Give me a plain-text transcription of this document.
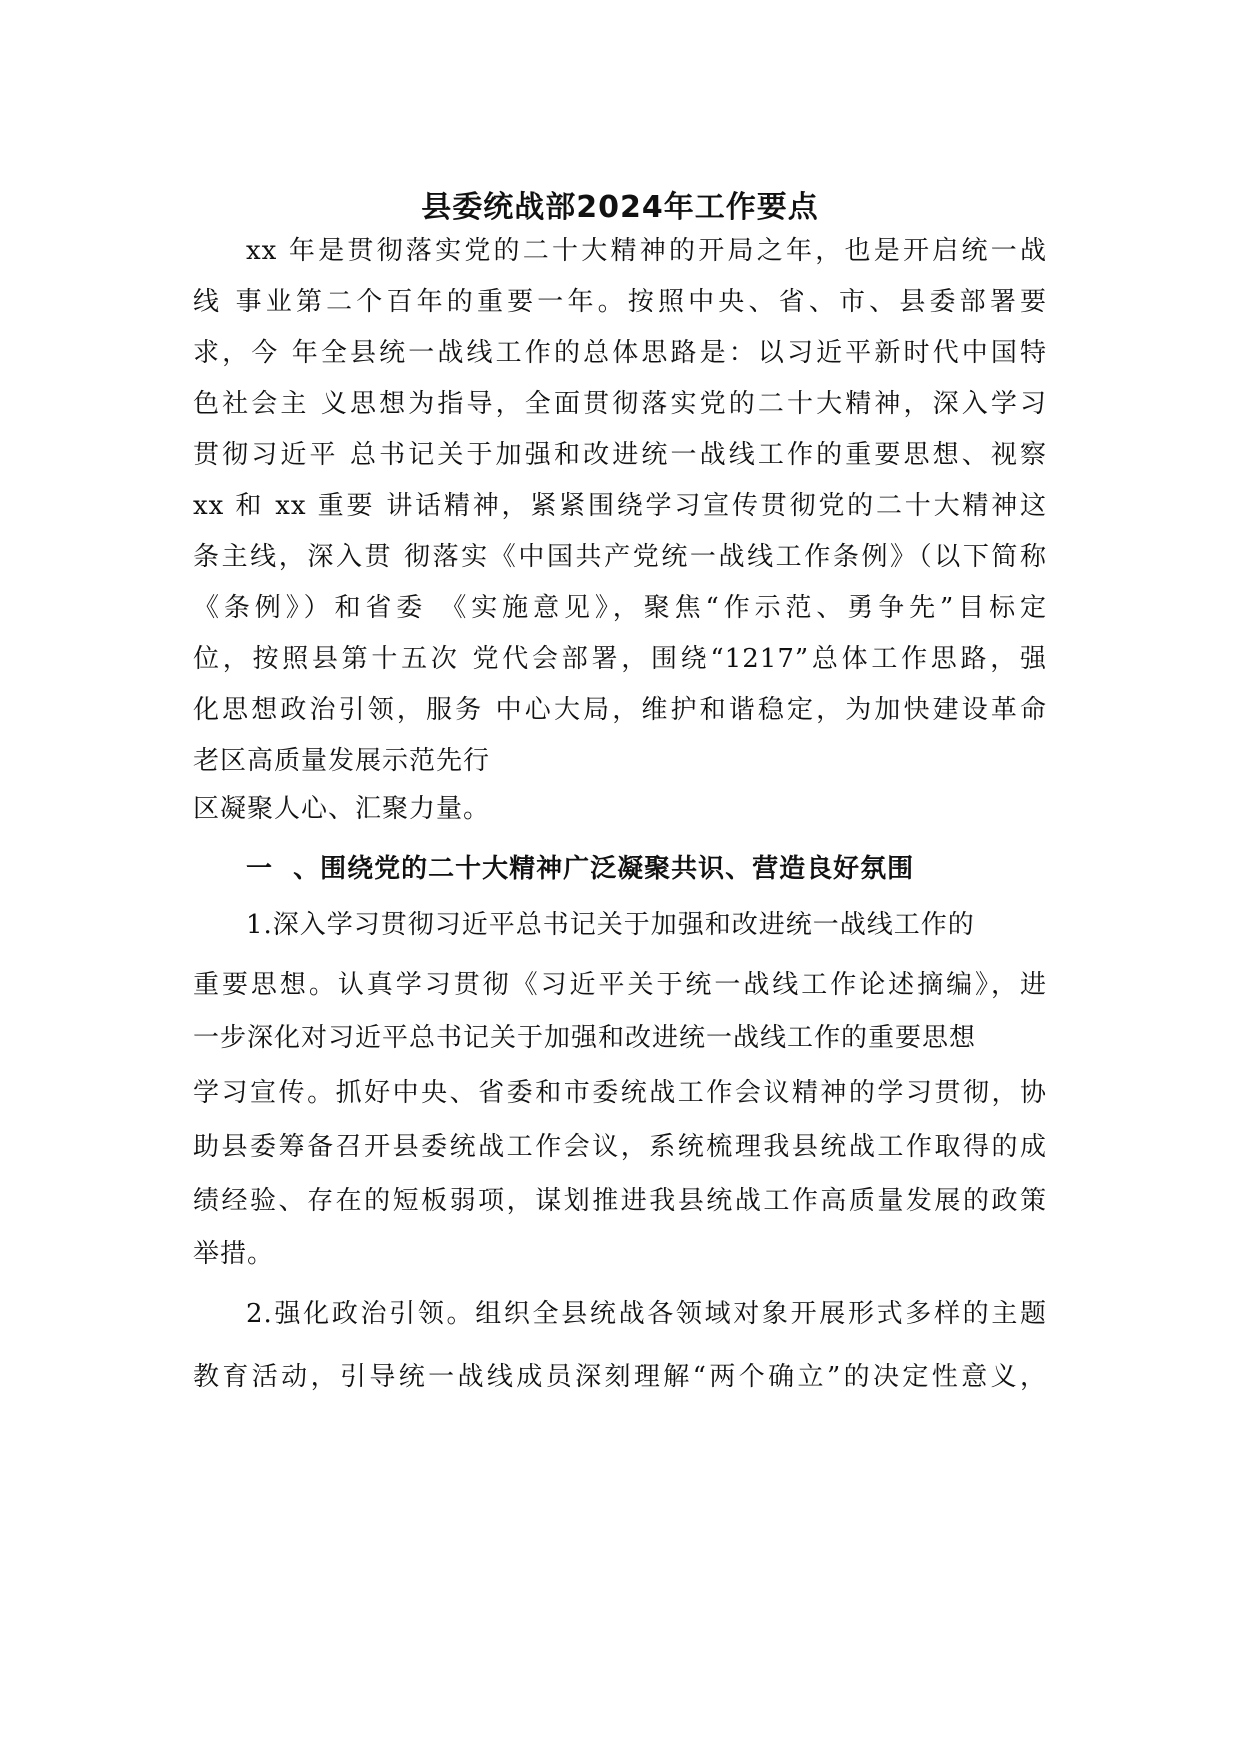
县委统战部2024年工作要点
xx 年是贯彻落实党的二十大精神的开局之年，也是开启统一战
线 事业第二个百年的重要一年。按照中央、省、市、县委部署要
求，今 年全县统一战线工作的总体思路是：以习近平新时代中国特
色社会主 义思想为指导，全面贯彻落实党的二十大精神，深入学习
贯彻习近平 总书记关于加强和改进统一战线工作的重要思想、视察
xx 和 xx 重要 讲话精神，紧紧围绕学习宣传贯彻党的二十大精神这
条主线，深入贯 彻落实《中国共产党统一战线工作条例》（以下简称
《条例》）和省委 《实施意见》，聚焦“作示范、勇争先”目标定
位，按照县第十五次 党代会部署，围绕“1217”总体工作思路，强
化思想政治引领，服务 中心大局，维护和谐稳定，为加快建设革命
老区高质量发展示范先行
区凝聚人心、汇聚力量。
一  、围绕党的二十大精神广泛凝聚共识、营造良好氛围
1.深入学习贯彻习近平总书记关于加强和改进统一战线工作的
重要思想。认真学习贯彻《习近平关于统一战线工作论述摘编》，进
一步深化对习近平总书记关于加强和改进统一战线工作的重要思想
学习宣传。抓好中央、省委和市委统战工作会议精神的学习贯彻，协
助县委筹备召开县委统战工作会议，系统梳理我县统战工作取得的成
绩经验、存在的短板弱项，谋划推进我县统战工作高质量发展的政策
举措。
2.强化政治引领。组织全县统战各领域对象开展形式多样的主题
教育活动，引导统一战线成员深刻理解“两个确立”的决定性意义，
